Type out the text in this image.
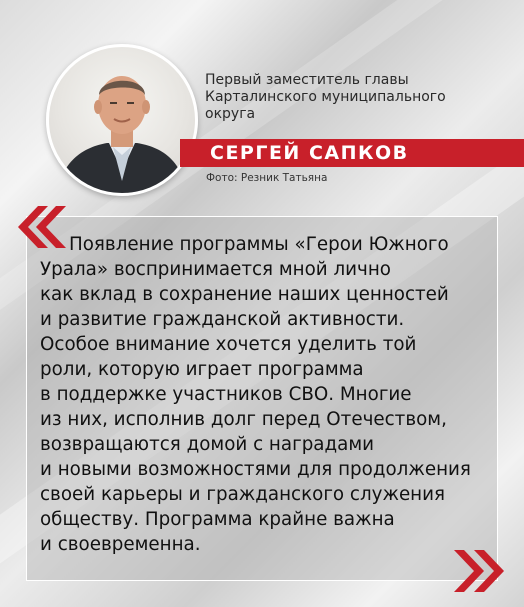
Первый заместитель главы
Карталинского муниципального
округа

СЕРГЕЙ САПКОВ
Фото: Резник Татьяна

Появление программы «Герои Южного
Урала» воспринимается мной лично
как вклад в сохранение наших ценностей
и развитие гражданской активности.
Особое внимание хочется уделить той
роли, которую играет программа
в поддержке участников СВО. Многие
из них, исполнив долг перед Отечеством,
возвращаются домой с наградами
и новыми возможностями для продолжения
своей карьеры и гражданского служения
обществу. Программа крайне важна
и своевременна.
